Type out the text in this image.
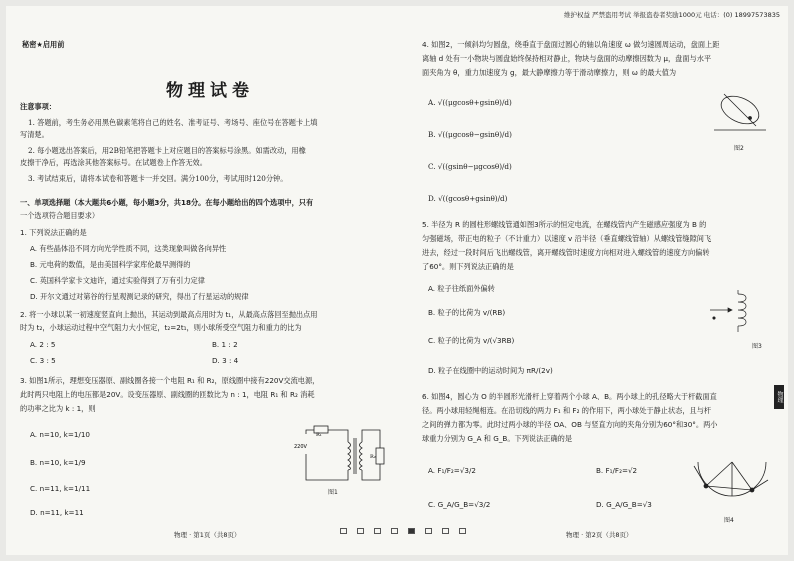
维护权益 严禁盗用考试 举报盗卷者奖励1000元 电话：(0) 18997573835
秘密★启用前
物理试卷
注意事项：
1. 答题前，考生务必用黑色碳素笔将自己的姓名、准考证号、考场号、座位号在答题卡上填
写清楚。
2. 每小题选出答案后，用2B铅笔把答题卡上对应题目的答案标号涂黑。如需改动，用橡
皮擦干净后，再选涂其他答案标号。在试题卷上作答无效。
3. 考试结束后，请将本试卷和答题卡一并交回。满分100分，考试用时120分钟。
一、单项选择题（本大题共6小题，每小题3分，共18分。在每小题给出的四个选项中，只有
一个选项符合题目要求）
1. 下列说法正确的是
A. 有些晶体沿不同方向光学性质不同，这类现象叫做各向异性
B. 元电荷的数值，是由美国科学家库伦最早测得的
C. 英国科学家卡文迪许，通过实验得到了万有引力定律
D. 开尔文通过对第谷的行星观测记录的研究，得出了行星运动的规律
2. 将一小球以某一初速度竖直向上抛出，其运动到最高点用时为 t₁，从最高点落回至抛出点用
时为 t₂，小球运动过程中空气阻力大小恒定，t₂=2t₁，则小球所受空气阻力和重力的比为
A. 2 : 5	B. 1 : 2
C. 3 : 5	D. 3 : 4
3. 如图1所示，理想变压器原、副线圈各接一个电阻 R₁ 和 R₂，原线圈中接有220V交流电源，
此时两只电阻上的电压都是20V。设变压器原、副线圈的匝数比为 n : 1，电阻 R₁ 和 R₂ 消耗
的功率之比为 k : 1，则
A. n=10, k=1/10
B. n=10, k=1/9
C. n=11, k=1/11
D. n=11, k=11
R₁
220V
R₂
图1
物理 · 第1页（共8页）
4. 如图2，一倾斜均匀圆盘，绕垂直于盘面过圆心的轴以角速度 ω 做匀速圆周运动，盘面上距
离轴 d 处有一小物块与圆盘始终保持相对静止，物块与盘面的动摩擦因数为 μ，盘面与水平
面夹角为 θ，重力加速度为 g，最大静摩擦力等于滑动摩擦力，则 ω 的最大值为
A. √((μgcosθ+gsinθ)/d)
B. √((μgcosθ−gsinθ)/d)
C. √((gsinθ−μgcosθ)/d)
D. √((gcosθ+gsinθ)/d)
图2
5. 半径为 R 的圆柱形螺线管通如图3所示的恒定电流，在螺线管内产生磁感应强度为 B 的
匀强磁场，带正电的粒子（不计重力）以速度 v 沿半径（垂直螺线管轴）从螺线管缝隙间飞
进去，经过一段时间后飞出螺线管，离开螺线管时速度方向相对进入螺线管的速度方向偏转
了60°。则下列说法正确的是
A. 粒子往纸面外偏转
B. 粒子的比荷为 v/(RB)
C. 粒子的比荷为 v/(√3RB)
D. 粒子在线圈中的运动时间为 πR/(2v)
图3
6. 如图4，圆心为 O 的半圆形光滑杆上穿着两个小球 A、B。两小球上的孔径略大于杆截面直
径。两小球用轻绳相连。在沿切线的两力 F₁ 和 F₂ 的作用下，两小球处于静止状态，且与杆
之间的弹力都为零。此时过两小球的半径 OA、OB 与竖直方向的夹角分别为60°和30°。两小
球重力分别为 G_A 和 G_B。下列说法正确的是
A. F₁/F₂=√3/2	B. F₁/F₂=√2
C. G_A/G_B=√3/2	D. G_A/G_B=√3
图4
物理 · 第2页（共8页）
物理
